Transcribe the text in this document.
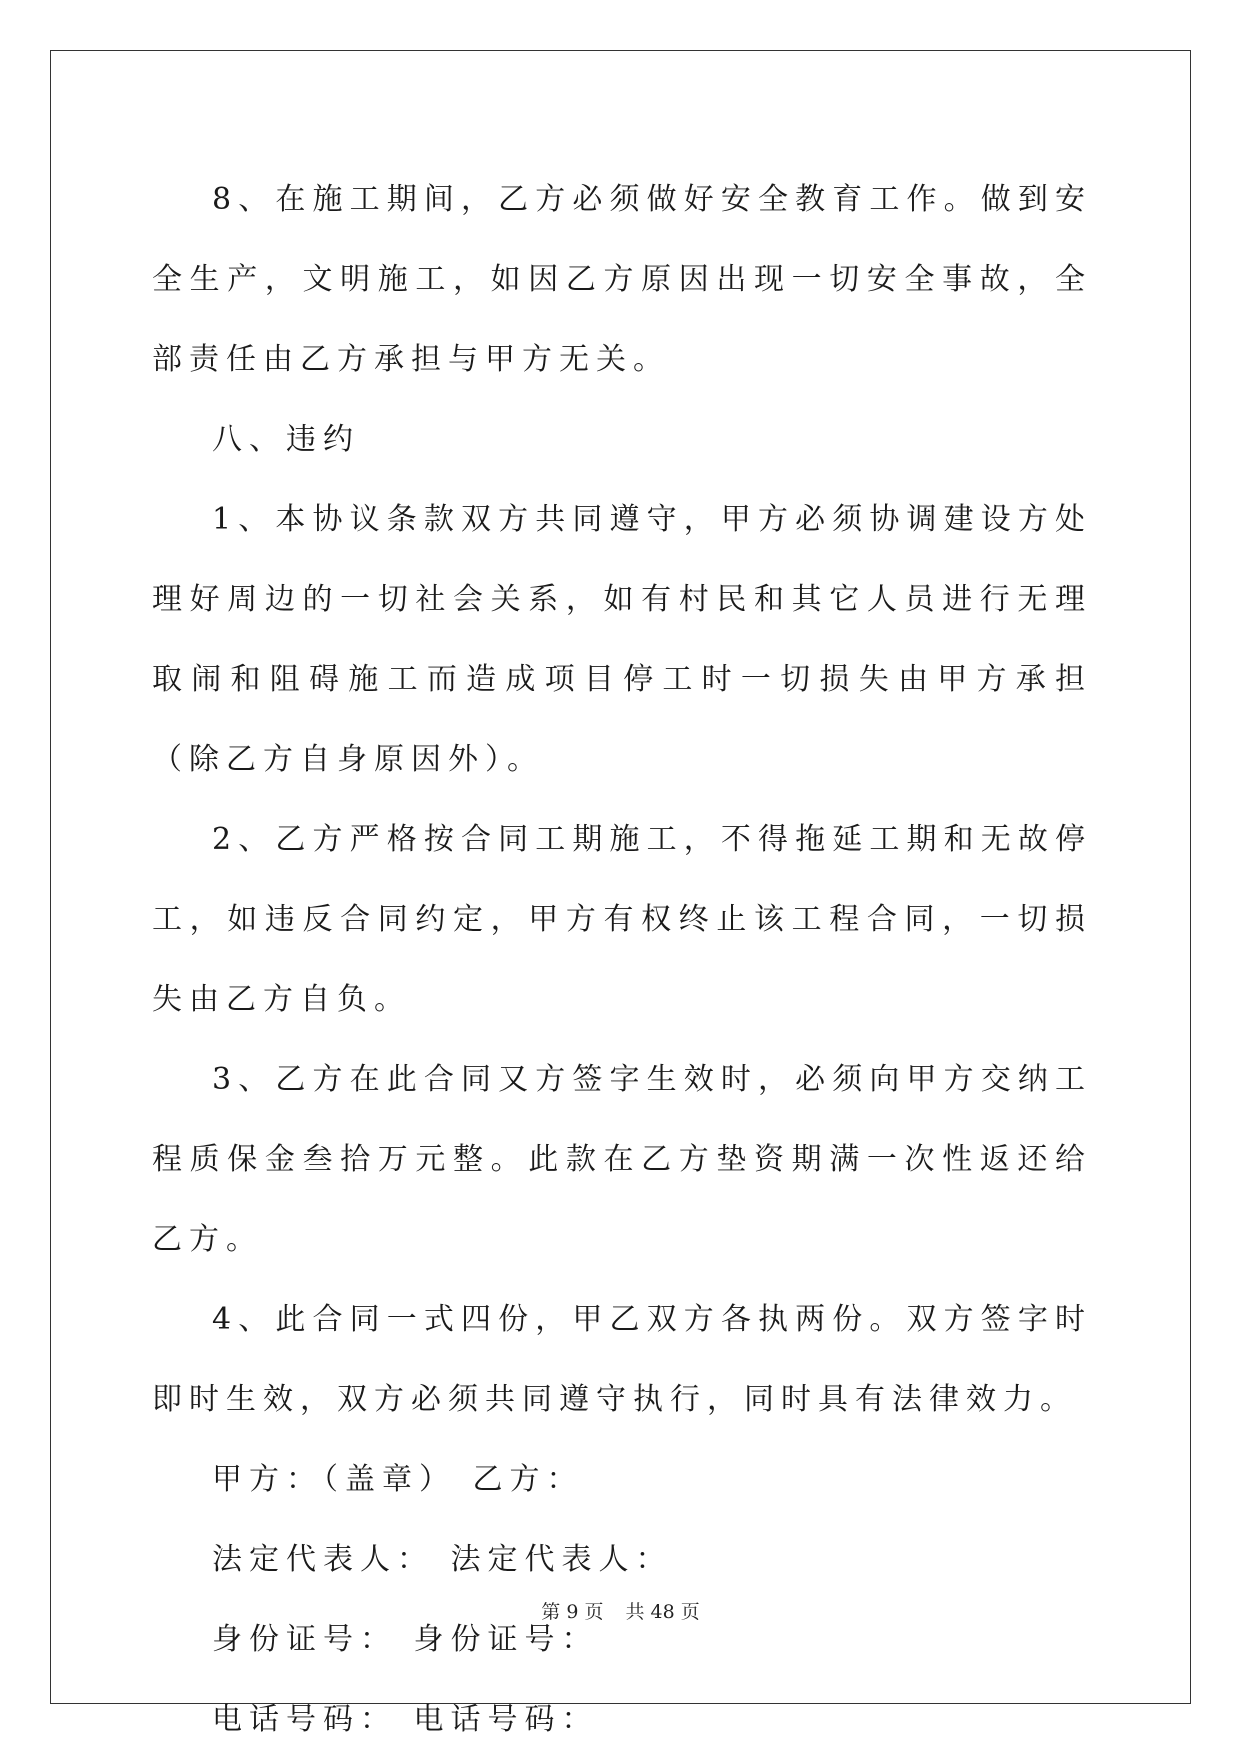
8、在施工期间，乙方必须做好安全教育工作。做到安全生产，文明施工，如因乙方原因出现一切安全事故，全部责任由乙方承担与甲方无关。

八、违约

1、本协议条款双方共同遵守，甲方必须协调建设方处理好周边的一切社会关系，如有村民和其它人员进行无理取闹和阻碍施工而造成项目停工时一切损失由甲方承担（除乙方自身原因外）。

2、乙方严格按合同工期施工，不得拖延工期和无故停工，如违反合同约定，甲方有权终止该工程合同，一切损失由乙方自负。

3、乙方在此合同又方签字生效时，必须向甲方交纳工程质保金叁拾万元整。此款在乙方垫资期满一次性返还给乙方。

4、此合同一式四份，甲乙双方各执两份。双方签字时即时生效，双方必须共同遵守执行，同时具有法律效力。

甲方：（盖章） 乙方：

法定代表人： 法定代表人：

身份证号： 身份证号：

电话号码： 电话号码：

第 9 页 共 48 页
